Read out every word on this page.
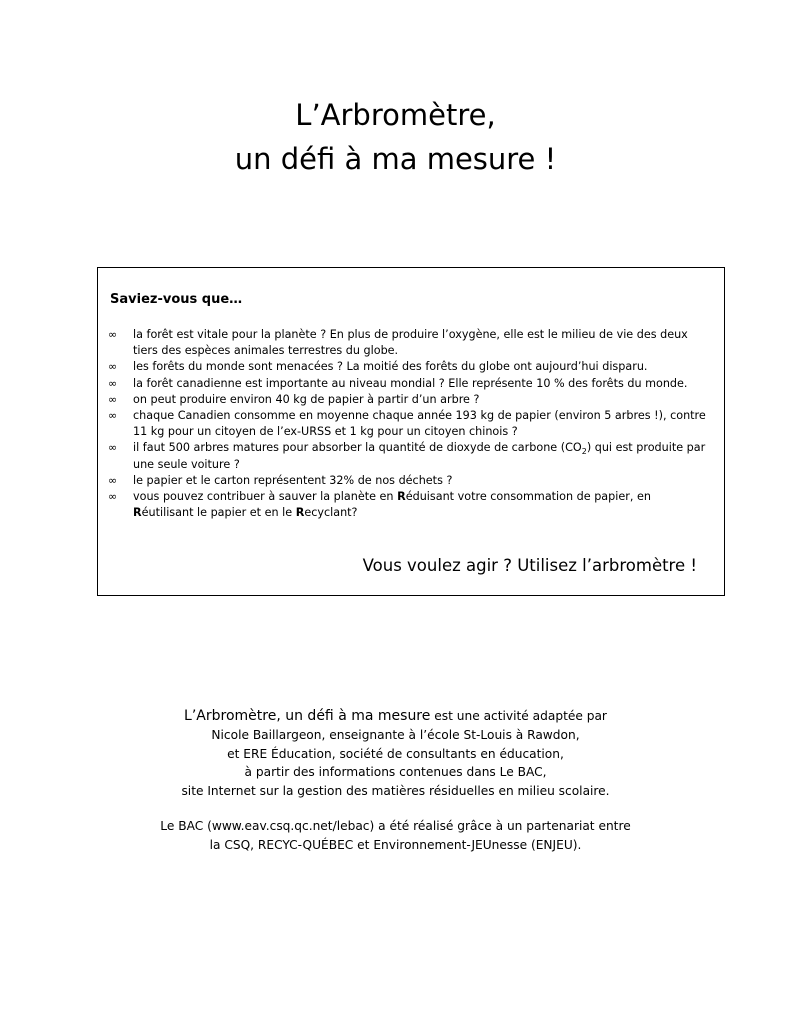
L’Arbromètre,
un défi à ma mesure !
Saviez-vous que…
∞ la forêt est vitale pour la planète ? En plus de produire l’oxygène, elle est le milieu de vie des deux tiers des espèces animales terrestres du globe.
∞ les forêts du monde sont menacées ? La moitié des forêts du globe ont aujourd’hui disparu.
∞ la forêt canadienne est importante au niveau mondial ? Elle représente 10 % des forêts du monde.
∞ on peut produire environ 40 kg de papier à partir d’un arbre ?
∞ chaque Canadien consomme en moyenne chaque année 193 kg de papier (environ 5 arbres !), contre 11 kg pour un citoyen de l’ex-URSS et 1 kg pour un citoyen chinois ?
∞ il faut 500 arbres matures pour absorber la quantité de dioxyde de carbone $(CO_2)$ qui est produite par une seule voiture ?
∞ le papier et le carton représentent 32% de nos déchets ?
∞ vous pouvez contribuer à sauver la planète en Réduisant votre consommation de papier, en Réutilisant le papier et en le Recyclant?
Vous voulez agir ? Utilisez l’arbromètre !
L’Arbromètre, un défi à ma mesure est une activité adaptée par
Nicole Baillargeon, enseignante à l’école St-Louis à Rawdon,
et ERE Éducation, société de consultants en éducation,
à partir des informations contenues dans Le BAC,
site Internet sur la gestion des matières résiduelles en milieu scolaire.
Le BAC (www.eav.csq.qc.net/lebac) a été réalisé grâce à un partenariat entre
la CSQ, RECYC-QUÉBEC et Environnement-JEUnesse (ENJEU).
